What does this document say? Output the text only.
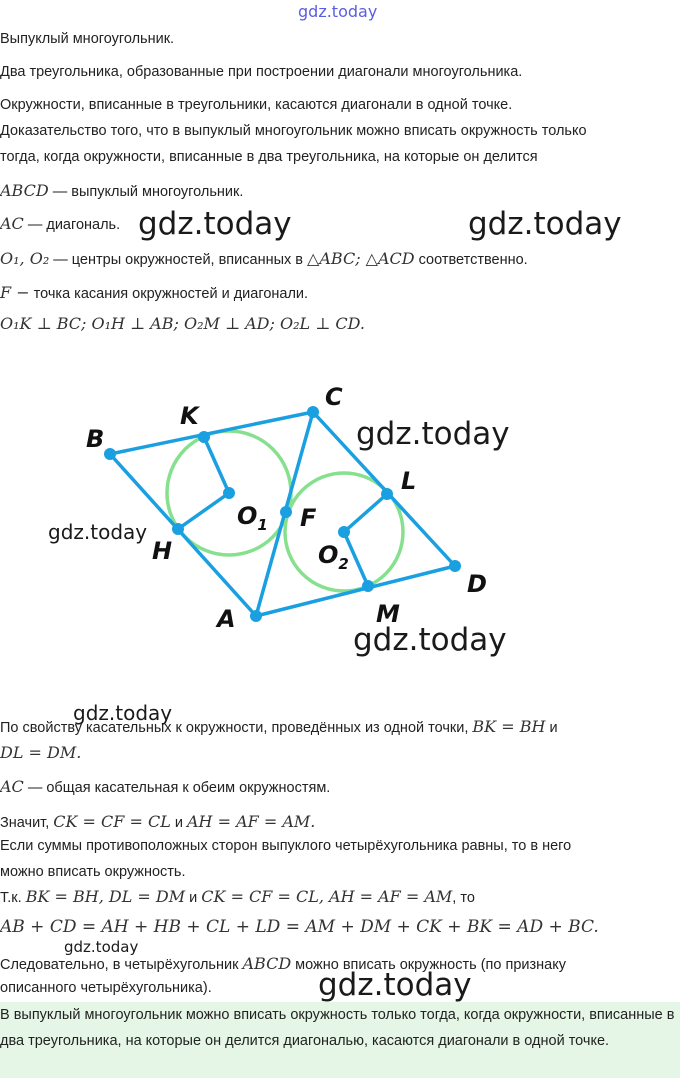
gdz.today
Выпуклый многоугольник.
Два треугольника, образованные при построении диагонали многоугольника.
Окружности, вписанные в треугольники, касаются диагонали в одной точке.
Доказательство того, что в выпуклый многоугольник можно вписать окружность только
тогда, когда окружности, вписанные в два треугольника, на которые он делится
ABCD — выпуклый многоугольник.
AC — диагональ.
O₁, O₂ — центры окружностей, вписанных в △ABC; △ACD соответственно.
F − точка касания окружностей и диагонали.
O₁K ⊥ BC; O₁H ⊥ AB; O₂M ⊥ AD; O₂L ⊥ CD.
B
K
C
L
F
H
D
M
A
$O_1$
$O_2$
По свойству касательных к окружности, проведённых из одной точки, BK = BH и
DL = DM.
AC — общая касательная к обеим окружностям.
Значит, CK = CF = CL и AH = AF = AM.
Если суммы противоположных сторон выпуклого четырёхугольника равны, то в него
можно вписать окружность.
Т.к. BK = BH, DL = DM и CK = CF = CL, AH = AF = AM, то
AB + CD = AH + HB + CL + LD = AM + DM + CK + BK = AD + BC.
Следовательно, в четырёхугольник ABCD можно вписать окружность (по признаку
описанного четырёхугольника).
В выпуклый многоугольник можно вписать окружность только тогда, когда окружности, вписанные в два треугольника, на которые он делится диагональю, касаются диагонали в одной точке.
gdz.today	gdz.today
gdz.today
gdz.today
gdz.today
gdz.today
gdz.today
gdz.today
